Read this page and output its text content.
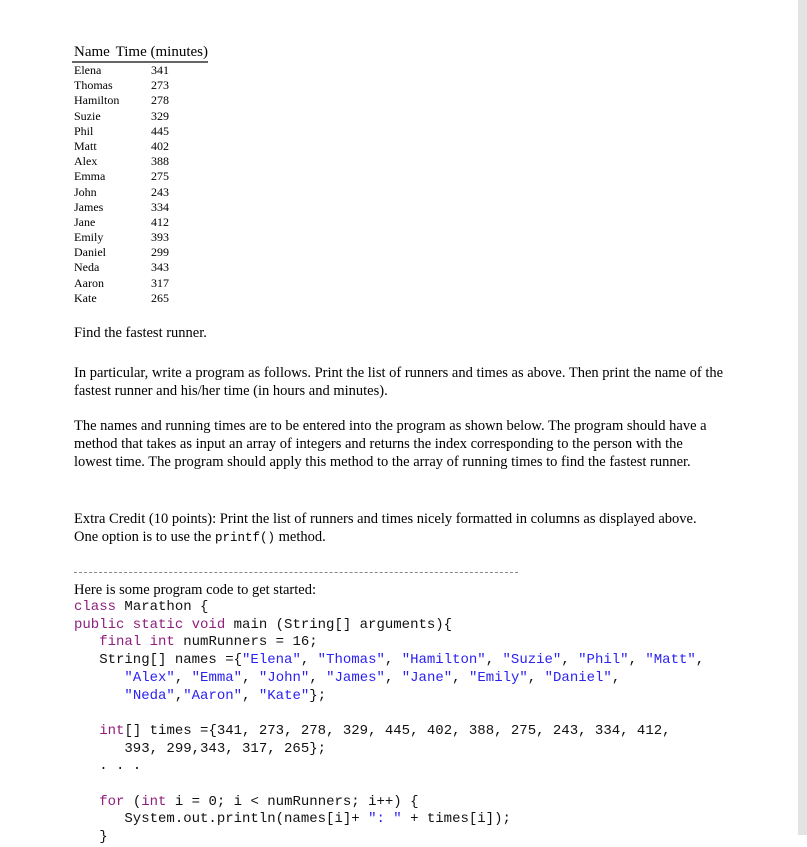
Name Time (minutes)
Elena	341
Thomas	273
Hamilton	278
Suzie	329
Phil	445
Matt	402
Alex	388
Emma	275
John	243
James	334
Jane	412
Emily	393
Daniel	299
Neda	343
Aaron	317
Kate	265

Find the fastest runner.

In particular, write a program as follows. Print the list of runners and times as above. Then print the name of the fastest runner and his/her time (in hours and minutes).

The names and running times are to be entered into the program as shown below. The program should have a method that takes as input an array of integers and returns the index corresponding to the person with the lowest time. The program should apply this method to the array of running times to find the fastest runner.

Extra Credit (10 points): Print the list of runners and times nicely formatted in columns as displayed above. One option is to use the printf() method.

Here is some program code to get started:

class Marathon {
public static void main (String[] arguments){
final int numRunners = 16;
String[] names ={"Elena", "Thomas", "Hamilton", "Suzie", "Phil", "Matt",
"Alex", "Emma", "John", "James", "Jane", "Emily", "Daniel",
"Neda","Aaron", "Kate"};

int[] times ={341, 273, 278, 329, 445, 402, 388, 275, 243, 334, 412,
393, 299,343, 317, 265};
. . .

for (int i = 0; i < numRunners; i++) {
System.out.println(names[i]+ ": " + times[i]);
}
